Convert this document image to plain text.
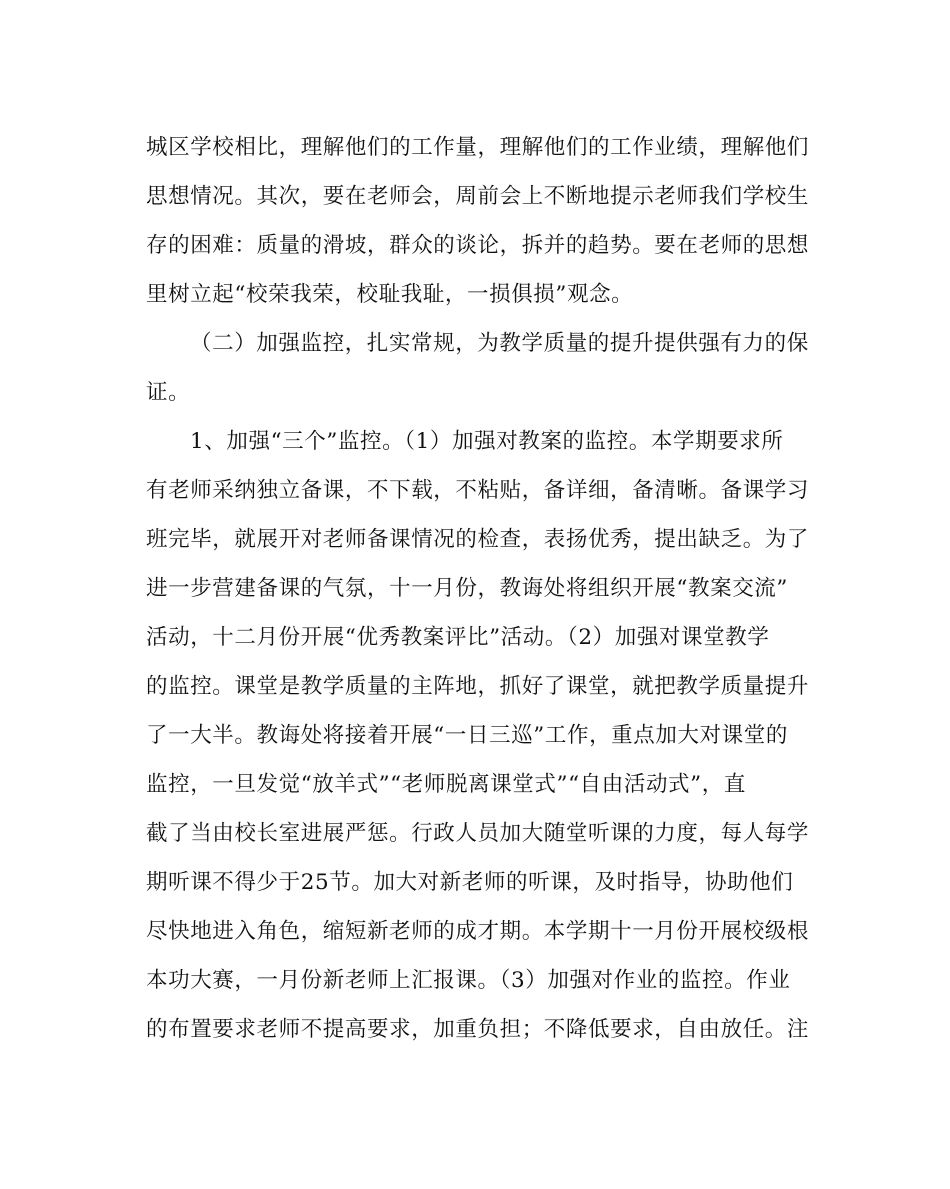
城区学校相比，理解他们的工作量，理解他们的工作业绩，理解他们
思想情况。其次，要在老师会，周前会上不断地提示老师我们学校生
存的困难：质量的滑坡，群众的谈论，拆并的趋势。要在老师的思想
里树立起“校荣我荣，校耻我耻，一损俱损”观念。
（二）加强监控，扎实常规，为教学质量的提升提供强有力的保
证。
1、加强“三个”监控。（1）加强对教案的监控。本学期要求所
有老师采纳独立备课，不下载，不粘贴，备详细，备清晰。备课学习
班完毕，就展开对老师备课情况的检查，表扬优秀，提出缺乏。为了
进一步营建备课的气氛，十一月份，教诲处将组织开展“教案交流”
活动，十二月份开展“优秀教案评比”活动。（2）加强对课堂教学
的监控。课堂是教学质量的主阵地，抓好了课堂，就把教学质量提升
了一大半。教诲处将接着开展“一日三巡”工作，重点加大对课堂的
监控，一旦发觉“放羊式”“老师脱离课堂式”“自由活动式”，直
截了当由校长室进展严惩。行政人员加大随堂听课的力度，每人每学
期听课不得少于25节。加大对新老师的听课，及时指导，协助他们
尽快地进入角色，缩短新老师的成才期。本学期十一月份开展校级根
本功大赛，一月份新老师上汇报课。（3）加强对作业的监控。作业
的布置要求老师不提高要求，加重负担；不降低要求，自由放任。注
